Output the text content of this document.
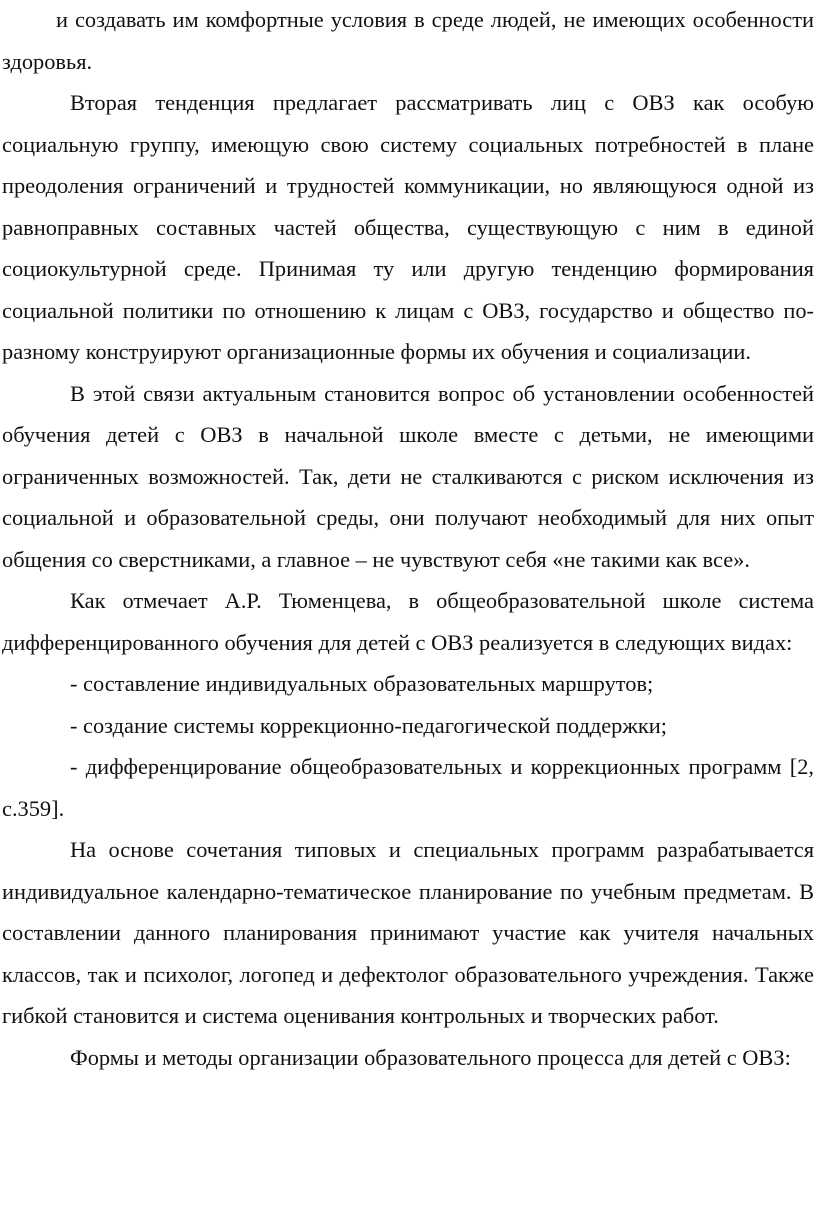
и создавать им комфортные условия в среде людей, не имеющих особенности здоровья.

Вторая тенденция предлагает рассматривать лиц с ОВЗ как особую социальную группу, имеющую свою систему социальных потребностей в плане преодоления ограничений и трудностей коммуникации, но являющуюся одной из равноправных составных частей общества, существующую с ним в единой социокультурной среде. Принимая ту или другую тенденцию формирования социальной политики по отношению к лицам с ОВЗ, государство и общество по-разному конструируют организационные формы их обучения и социализации.

В этой связи актуальным становится вопрос об установлении особенностей обучения детей с ОВЗ в начальной школе вместе с детьми, не имеющими ограниченных возможностей. Так, дети не сталкиваются с риском исключения из социальной и образовательной среды, они получают необходимый для них опыт общения со сверстниками, а главное – не чувствуют себя «не такими как все».

Как отмечает А.Р. Тюменцева, в общеобразовательной школе система дифференцированного обучения для детей с ОВЗ реализуется в следующих видах:

- составление индивидуальных образовательных маршрутов;

- создание системы коррекционно-педагогической поддержки;

- дифференцирование общеобразовательных и коррекционных программ [2, с.359].

На основе сочетания типовых и специальных программ разрабатывается индивидуальное календарно-тематическое планирование по учебным предметам. В составлении данного планирования принимают участие как учителя начальных классов, так и психолог, логопед и дефектолог образовательного учреждения. Также гибкой становится и система оценивания контрольных и творческих работ.

Формы и методы организации образовательного процесса для детей с ОВЗ:
